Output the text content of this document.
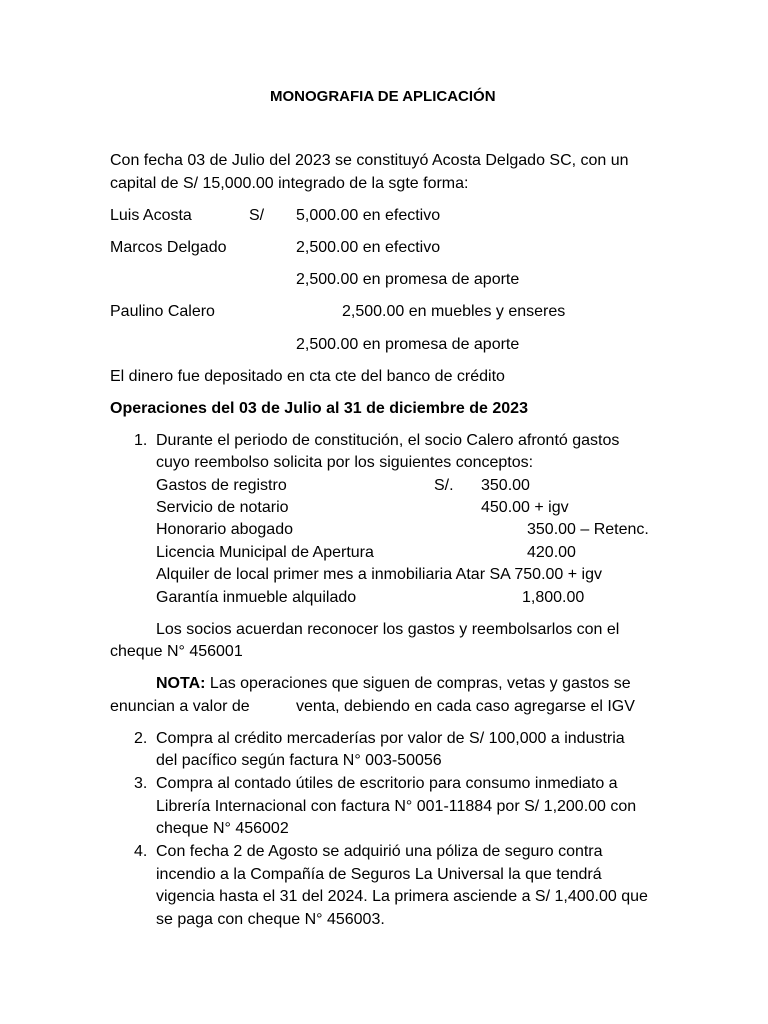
MONOGRAFIA DE APLICACIÓN
Con fecha 03 de Julio del 2023 se constituyó Acosta Delgado SC, con un
capital de S/ 15,000.00 integrado de la sgte forma:
Luis Acosta	S/ 5,000.00 en efectivo
Marcos Delgado	2,500.00 en efectivo
2,500.00 en promesa de aporte
Paulino Calero	2,500.00 en muebles y enseres
2,500.00 en promesa de aporte
El dinero fue depositado en cta cte del banco de crédito
Operaciones del 03 de Julio al 31 de diciembre de 2023
1. Durante el periodo de constitución, el socio Calero afrontó gastos
cuyo reembolso solicita por los siguientes conceptos:
Gastos de registro	S/. 350.00
Servicio de notario	450.00 + igv
Honorario abogado	350.00 – Retenc.
Licencia Municipal de Apertura	420.00
Alquiler de local primer mes a inmobiliaria Atar SA 750.00 + igv
Garantía inmueble alquilado	1,800.00
Los socios acuerdan reconocer los gastos y reembolsarlos con el
cheque N° 456001
NOTA: Las operaciones que siguen de compras, vetas y gastos se
enuncian a valor de	venta, debiendo en cada caso agregarse el IGV
2. Compra al crédito mercaderías por valor de S/ 100,000 a industria
del pacífico según factura N° 003-50056
3. Compra al contado útiles de escritorio para consumo inmediato a
Librería Internacional con factura N° 001-11884 por S/ 1,200.00 con
cheque N° 456002
4. Con fecha 2 de Agosto se adquirió una póliza de seguro contra
incendio a la Compañía de Seguros La Universal la que tendrá
vigencia hasta el 31 del 2024. La primera asciende a S/ 1,400.00 que
se paga con cheque N° 456003.
